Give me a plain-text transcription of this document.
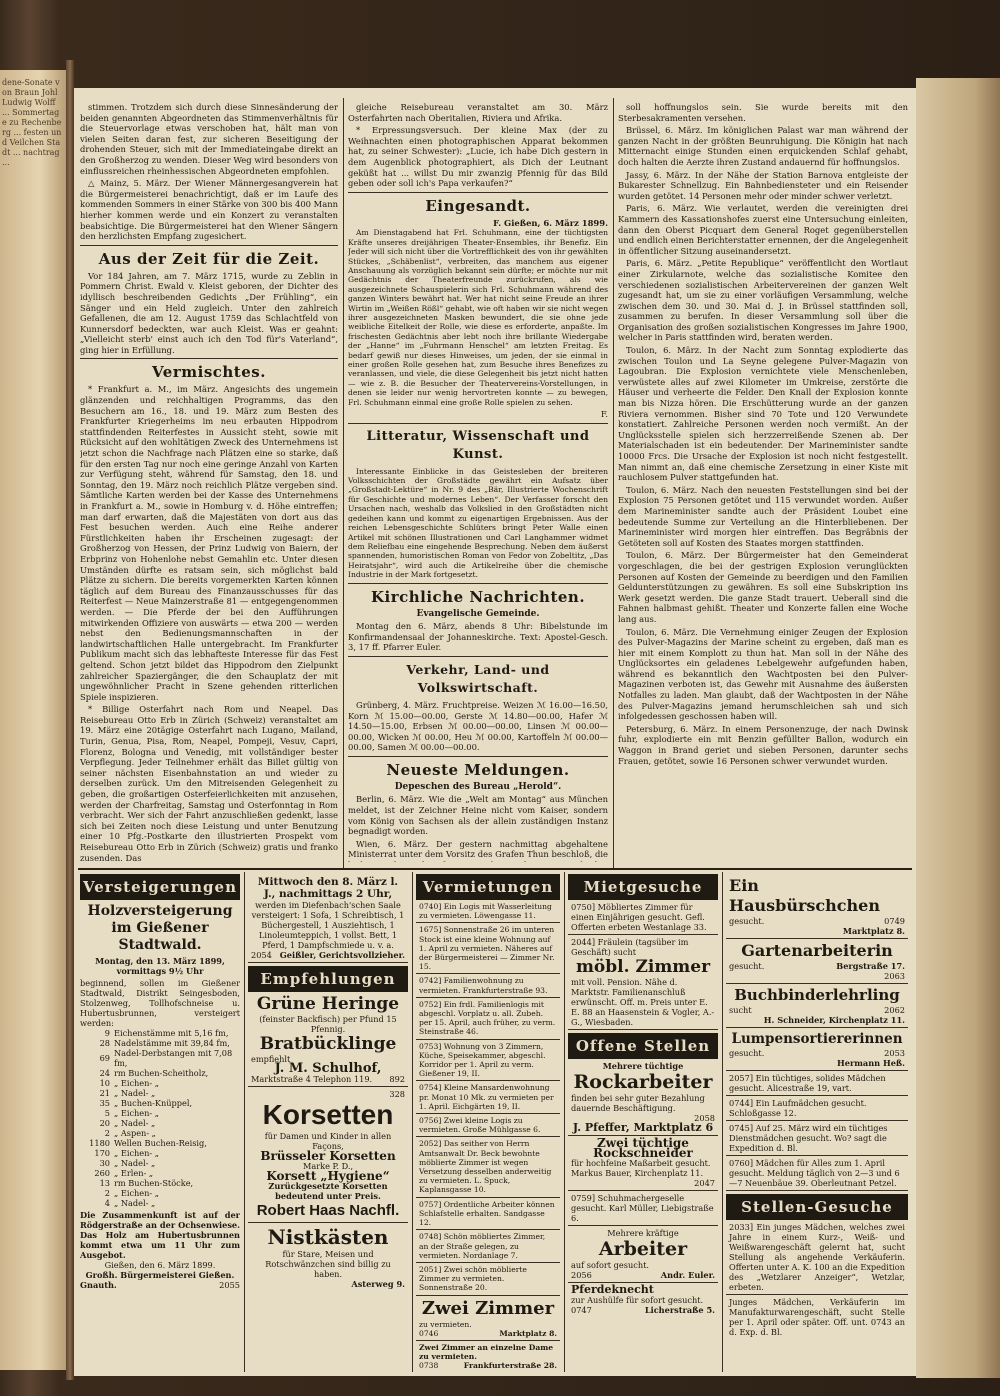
dene-Sonate von Braun Johl Ludwig Wolff ... Sommertage zu Rechenberg ... festen und Veilchen Stadt ... nachtrag ...

stimmen. Trotzdem sich durch diese Sinnesänderung der beiden genannten Abgeordneten das Stimmenverhältnis für die Steuervorlage etwas verschoben hat, hält man von vielen Seiten daran fest, zur sicheren Beseitigung der drohenden Steuer, sich mit der Immediateingabe direkt an den Großherzog zu wenden. Dieser Weg wird besonders von einflussreichen rheinhessischen Abgeordneten empfohlen.

△ Mainz, 5. März. Der Wiener Männergesangverein hat die Bürgermeisterei benachrichtigt, daß er im Laufe des kommenden Sommers in einer Stärke von 300 bis 400 Mann hierher kommen werde und ein Konzert zu veranstalten beabsichtige. Die Bürgermeisterei hat den Wiener Sängern den herzlichsten Empfang zugesichert.

Aus der Zeit für die Zeit.

Vor 184 Jahren, am 7. März 1715, wurde zu Zeblin in Pommern Christ. Ewald v. Kleist geboren, der Dichter des idyllisch beschreibenden Gedichts „Der Frühling“, ein Sänger und ein Held zugleich. Unter den zahlreich Gefallenen, die am 12. August 1759 das Schlachtfeld von Kunnersdorf bedeckten, war auch Kleist. Was er geahnt: „Vielleicht sterb' einst auch ich den Tod für's Vaterland“, ging hier in Erfüllung.

Vermischtes.

* Frankfurt a. M., im März. Angesichts des ungemein glänzenden und reichhaltigen Programms, das den Besuchern am 16., 18. und 19. März zum Besten des Frankfurter Kriegerheims im neu erbauten Hippodrom stattfindenden Reiterfestes in Aussicht steht, sowie mit Rücksicht auf den wohltätigen Zweck des Unternehmens ist jetzt schon die Nachfrage nach Plätzen eine so starke, daß für den ersten Tag nur noch eine geringe Anzahl von Karten zur Verfügung steht, während für Samstag, den 18. und Sonntag, den 19. März noch reichlich Plätze vergeben sind. Sämtliche Karten werden bei der Kasse des Unternehmens in Frankfurt a. M., sowie in Homburg v. d. Höhe eintreffen; man darf erwarten, daß die Majestäten von dort aus das Fest besuchen werden. Auch eine Reihe anderer Fürstlichkeiten haben ihr Erscheinen zugesagt: der Großherzog von Hessen, der Prinz Ludwig von Baiern, der Erbprinz von Hohenlohe nebst Gemahlin etc. Unter diesen Umständen dürfte es ratsam sein, sich möglichst bald Plätze zu sichern. Die bereits vorgemerkten Karten können täglich auf dem Bureau des Finanzausschusses für das Reiterfest — Neue Mainzerstraße 81 — entgegengenommen werden. — Die Pferde der bei den Aufführungen mitwirkenden Offiziere von auswärts — etwa 200 — werden nebst den Bedienungsmannschaften in der landwirtschaftlichen Halle untergebracht. Im Frankfurter Publikum macht sich das lebhafteste Interesse für das Fest geltend. Schon jetzt bildet das Hippodrom den Zielpunkt zahlreicher Spaziergänger, die den Schauplatz der mit ungewöhnlicher Pracht in Szene gehenden ritterlichen Spiele inspizieren.

* Billige Osterfahrt nach Rom und Neapel. Das Reisebureau Otto Erb in Zürich (Schweiz) veranstaltet am 19. März eine 20tägige Osterfahrt nach Lugano, Mailand, Turin, Genua, Pisa, Rom, Neapel, Pompeji, Vesuv, Capri, Florenz, Bologna und Venedig, mit vollständiger bester Verpflegung. Jeder Teilnehmer erhält das Billet gültig von seiner nächsten Eisenbahnstation an und wieder zu derselben zurück. Um den Mitreisenden Gelegenheit zu geben, die großartigen Osterfeierlichkeiten mit anzusehen, werden der Charfreitag, Samstag und Osterfonntag in Rom verbracht. Wer sich der Fahrt anzuschließen gedenkt, lasse sich bei Zeiten noch diese Leistung und unter Benutzung einer 10 Pfg.-Postkarte den illustrierten Prospekt vom Reisebureau Otto Erb in Zürich (Schweiz) gratis und franko zusenden. Das

gleiche Reisebureau veranstaltet am 30. März Osterfahrten nach Oberitalien, Riviera und Afrika.

* Erpressungsversuch. Der kleine Max (der zu Weihnachten einen photographischen Apparat bekommen hat, zu seiner Schwester): „Lucie, ich habe Dich gestern in dem Augenblick photographiert, als Dich der Leutnant geküßt hat ... willst Du mir zwanzig Pfennig für das Bild geben oder soll ich's Papa verkaufen?“

Eingesandt.
F. Gießen, 6. März 1899.

Am Dienstagabend hat Frl. Schuhmann, eine der tüchtigsten Kräfte unseres dreijährigen Theater-Ensembles, ihr Benefiz. Ein Jeder will sich nicht über die Vortrefflichkeit des von ihr gewählten Stückes, „Schäbenlist“, verbreiten, das manchem aus eigener Anschauung als vorzüglich bekannt sein dürfte; er möchte nur mit Gedächtnis der Theaterfreunde zurückrufen, als wie ausgezeichnete Schauspielerin sich Frl. Schuhmann während des ganzen Winters bewährt hat. Wer hat nicht seine Freude an ihrer Wirtin im „Weißen Rößl“ gehabt, wie oft haben wir sie nicht wegen ihrer ausgezeichneten Masken bewundert, die sie ohne jede weibliche Eitelkeit der Rolle, wie diese es erforderte, anpaßte. Im frischesten Gedächtnis aber lebt noch ihre brillante Wiedergabe der „Hanne“ im „Fuhrmann Henschel“ am letzten Freitag. Es bedarf gewiß nur dieses Hinweises, um jeden, der sie einmal in einer großen Rolle gesehen hat, zum Besuche ihres Benefizes zu veranlassen, und viele, die diese Gelegenheit bis jetzt nicht hatten — wie z. B. die Besucher der Theatervereins-Vorstellungen, in denen sie leider nur wenig hervortreten konnte — zu bewegen, Frl. Schuhmann einmal eine große Rolle spielen zu sehen.

F.
Litteratur, Wissenschaft und Kunst.

Interessante Einblicke in das Geistesleben der breiteren Volksschichten der Großstädte gewährt ein Aufsatz über „Großstadt-Lektüre“ in Nr. 9 des „Bär, Illustrierte Wochenschrift für Geschichte und modernes Leben“. Der Verfasser forscht den Ursachen nach, weshalb das Volkslied in den Großstädten nicht gedeihen kann und kommt zu eigenartigen Ergebnissen. Aus der reichen Lebensgeschichte Schlüters bringt Peter Walle einen Artikel mit schönen Illustrationen und Carl Langhammer widmet dem Reliefbau eine eingehende Besprechung. Neben dem äußerst spannenden, humoristischen Roman von Fedor von Zobeltitz, „Das Heiratsjahr“, wird auch die Artikelreihe über die chemische Industrie in der Mark fortgesetzt.

Kirchliche Nachrichten.
Evangelische Gemeinde.

Montag den 6. März, abends 8 Uhr: Bibelstunde im Konfirmandensaal der Johanneskirche. Text: Apostel-Gesch. 3, 17 ff. Pfarrer Euler.

Verkehr, Land- und Volkswirtschaft.

Grünberg, 4. März. Fruchtpreise. Weizen ℳ 16.00—16.50, Korn ℳ 15.00—00.00, Gerste ℳ 14.80—00.00, Hafer ℳ 14.50—15.00, Erbsen ℳ 00.00—00.00, Linsen ℳ 00.00—00.00, Wicken ℳ 00.00, Heu ℳ 00.00, Kartoffeln ℳ 00.00—00.00, Samen ℳ 00.00—00.00.

Neueste Meldungen.
Depeschen des Bureau „Herold“.

Berlin, 6. März. Wie die „Welt am Montag“ aus München meldet, ist der Zeichner Heine nicht vom Kaiser, sondern vom König von Sachsen als der allein zuständigen Instanz begnadigt worden.

Wien, 6. März. Der gestern nachmittag abgehaltene Ministerrat unter dem Vorsitz des Grafen Thun beschloß, die

soll hoffnungslos sein. Sie wurde bereits mit den Sterbesakramenten versehen.

Brüssel, 6. März. Im königlichen Palast war man während der ganzen Nacht in der größten Beunruhigung. Die Königin hat nach Mitternacht einige Stunden einen erquickenden Schlaf gehabt, doch halten die Aerzte ihren Zustand andauernd für hoffnungslos.

Jassy, 6. März. In der Nähe der Station Barnova entgleiste der Bukarester Schnellzug. Ein Bahnbediensteter und ein Reisender wurden getötet. 14 Personen mehr oder minder schwer verletzt.

Paris, 6. März. Wie verlautet, werden die vereinigten drei Kammern des Kassationshofes zuerst eine Untersuchung einleiten, dann den Oberst Picquart dem General Roget gegenüberstellen und endlich einen Berichterstatter ernennen, der die Angelegenheit in öffentlicher Sitzung auseinandersetzt.

Paris, 6. März. „Petite Republique“ veröffentlicht den Wortlaut einer Zirkularnote, welche das sozialistische Komitee den verschiedenen sozialistischen Arbeitervereinen der ganzen Welt zugesandt hat, um sie zu einer vorläufigen Versammlung, welche zwischen dem 30. und 30. Mai d. J. in Brüssel stattfinden soll, zusammen zu berufen. In dieser Versammlung soll über die Organisation des großen sozialistischen Kongresses im Jahre 1900, welcher in Paris stattfinden wird, beraten werden.

Toulon, 6. März. In der Nacht zum Sonntag explodierte das zwischen Toulon und La Seyne gelegene Pulver-Magazin von Lagoubran. Die Explosion vernichtete viele Menschenleben, verwüstete alles auf zwei Kilometer im Umkreise, zerstörte die Häuser und verheerte die Felder. Den Knall der Explosion konnte man bis Nizza hören. Die Erschütterung wurde an der ganzen Riviera vernommen. Bisher sind 70 Tote und 120 Verwundete konstatiert. Zahlreiche Personen werden noch vermißt. An der Unglücksstelle spielen sich herzzerreißende Szenen ab. Der Materialschaden ist ein bedeutender. Der Marineminister sandte 10000 Frcs. Die Ursache der Explosion ist noch nicht festgestellt. Man nimmt an, daß eine chemische Zersetzung in einer Kiste mit rauchlosem Pulver stattgefunden hat.

Toulon, 6. März. Nach den neuesten Feststellungen sind bei der Explosion 75 Personen getötet und 115 verwundet worden. Außer dem Marineminister sandte auch der Präsident Loubet eine bedeutende Summe zur Verteilung an die Hinterbliebenen. Der Marineminister wird morgen hier eintreffen. Das Begräbnis der Getöteten soll auf Kosten des Staates morgen stattfinden.

Toulon, 6. März. Der Bürgermeister hat den Gemeinderat vorgeschlagen, die bei der gestrigen Explosion verunglückten Personen auf Kosten der Gemeinde zu beerdigen und den Familien Geldunterstützungen zu gewähren. Es soll eine Subskription ins Werk gesetzt werden. Die ganze Stadt trauert. Ueberall sind die Fahnen halbmast gehißt. Theater und Konzerte fallen eine Woche lang aus.

Toulon, 6. März. Die Vernehmung einiger Zeugen der Explosion des Pulver-Magazins der Marine scheint zu ergeben, daß man es hier mit einem Komplott zu thun hat. Man soll in der Nähe des Unglücksortes ein geladenes Lebelgewehr aufgefunden haben, während es bekanntlich den Wachtposten bei den Pulver-Magazinen verboten ist, das Gewehr mit Ausnahme des äußersten Notfalles zu laden. Man glaubt, daß der Wachtposten in der Nähe des Pulver-Magazins jemand herumschleichen sah und sich infolgedessen geschossen haben will.

Petersburg, 6. März. In einem Personenzuge, der nach Dwinsk fuhr, explodierte ein mit Benzin gefüllter Ballon, wodurch ein Waggon in Brand geriet und sieben Personen, darunter sechs Frauen, getötet, sowie 16 Personen schwer verwundet wurden.

Versteigerungen
Holzversteigerung im Gießener Stadtwald.
Montag, den 13. März 1899, vormittags 9½ Uhr
beginnend, sollen im Gießener Stadtwald, Distrikt Seingesboden, Stolzenweg, Tollhofschneise u. Hubertusbrunnen, versteigert werden:
9	Eichenstämme mit 5,16 fm,
28	Nadelstämme mit 39,84 fm,
69	Nadel-Derbstangen mit 7,08 fm,
24	rm Buchen-Scheitholz,
10	„ Eichen- „
21	„ Nadel- „
35	„ Buchen-Knüppel,
5	„ Eichen- „
20	„ Nadel- „
2	„ Aspen- „
1180	Wellen Buchen-Reisig,
170	„ Eichen- „
30	„ Nadel- „
260	„ Erlen- „
13	rm Buchen-Stöcke,
2	„ Eichen- „
4	„ Nadel- „
Die Zusammenkunft ist auf der Rödgerstraße an der Ochsenwiese. Das Holz am Hubertusbrunnen kommt etwa um 11 Uhr zum Ausgebot.
Gießen, den 6. März 1899.
Großh. Bürgermeisterei Gießen.
Gnauth.	2055
Mittwoch den 8. März l. J., nachmittags 2 Uhr,
werden im Diefenbach'schen Saale versteigert: 1 Sofa, 1 Schreibtisch, 1 Büchergestell, 1 Ausziehtisch, 1 Linoleumteppich, 1 vollst. Bett, 1 Pferd, 1 Dampfschmiede u. v. a.
2054 Geißler, Gerichtsvollzieher.
Empfehlungen
Grüne Heringe
(feinster Backfisch) per Pfund 15 Pfennig.
Bratbücklinge
empfiehlt
J. M. Schulhof,
Marktstraße 4 Telephon 119. 892
328
Korsetten
für Damen und Kinder in allen Façons,
Brüsseler Korsetten
Marke P. D.,
Korsett „Hygiene“
Zurückgesetzte Korsetten bedeutend unter Preis.
Robert Haas Nachfl.
Nistkästen
für Stare, Meisen und Rotschwänzchen sind billig zu haben.
Asterweg 9.
Vermietungen
0740] Ein Logis mit Wasserleitung zu vermieten. Löwengasse 11.
1675] Sonnenstraße 26 im unteren Stock ist eine kleine Wohnung auf 1. April zu vermieten. Näheres auf der Bürgermeisterei — Zimmer Nr. 15.
0742] Familienwohnung zu vermieten. Frankfurterstraße 93.
0752] Ein frdl. Familienlogis mit abgeschl. Vorplatz u. all. Zubeh. per 15. April, auch früher, zu verm. Steinstraße 46.
0753] Wohnung von 3 Zimmern, Küche, Speisekammer, abgeschl. Korridor per 1. April zu verm. Gießener 19, II.
0754] Kleine Mansardenwohnung pr. Monat 10 Mk. zu vermieten per 1. April. Eichgärten 19, II.
0756] Zwei kleine Logis zu vermieten. Große Mühlgasse 6.
2052] Das seither von Herrn Amtsanwalt Dr. Beck bewohnte möblierte Zimmer ist wegen Versetzung desselben anderweitig zu vermieten. L. Spuck, Kaplansgasse 10.
0757] Ordentliche Arbeiter können Schlafstelle erhalten. Sandgasse 12.
0748] Schön möbliertes Zimmer, an der Straße gelegen, zu vermieten. Nordanlage 7.
2051] Zwei schön möblierte Zimmer zu vermieten. Sonnenstraße 20.
Zwei Zimmer
zu vermieten.
0746	Marktplatz 8.
Zwei Zimmer an einzelne Dame zu vermieten.
0738	Frankfurterstraße 28.
Mietgesuche
0750] Möbliertes Zimmer für einen Einjährigen gesucht. Gefl. Offerten erbeten Westanlage 33.
2044] Fräulein (tagsüber im Geschäft) sucht
möbl. Zimmer
mit voll. Pension. Nähe d. Marktstr. Familienanschluß erwünscht. Off. m. Preis unter E. E. 88 an Haasenstein & Vogler, A.-G., Wiesbaden.
Offene Stellen
Mehrere tüchtige
Rockarbeiter
finden bei sehr guter Bezahlung dauernde Beschäftigung.
2058
J. Pfeffer, Marktplatz 6
Zwei tüchtige Rockschneider
für hochfeine Maßarbeit gesucht. Markus Bauer, Kirchenplatz 11.
2047
0759] Schuhmachergeselle gesucht. Karl Müller, Liebigstraße 6.
Mehrere kräftige
Arbeiter
auf sofort gesucht.
2056	Andr. Euler.
Pferdeknecht
zur Aushülfe für sofort gesucht.
0747	Licherstraße 5.
Ein Hausbürschchen
gesucht.	0749
Marktplatz 8.
Gartenarbeiterin
gesucht.	Bergstraße 17.
2063
Buchbinderlehrling
sucht	2062
H. Schneider, Kirchenplatz 11.
Lumpensortiererinnen
gesucht.	2053
Hermann Heß.
2057] Ein tüchtiges, solides Mädchen gesucht. Alicestraße 19, vart.
0744] Ein Laufmädchen gesucht. Schloßgasse 12.
0745] Auf 25. März wird ein tüchtiges Dienstmädchen gesucht. Wo? sagt die Expedition d. Bl.
0760] Mädchen für Alles zum 1. April gesucht. Meldung täglich von 2—3 und 6—7 Neuenbäue 39. Oberleutnant Petzel.
Stellen-Gesuche
2033] Ein junges Mädchen, welches zwei Jahre in einem Kurz-, Weiß- und Weißwarengeschäft gelernt hat, sucht Stellung als angehende Verkäuferin. Offerten unter A. K. 100 an die Expedition des „Wetzlarer Anzeiger“, Wetzlar, erbeten.
Junges Mädchen, Verkäuferin im Manufakturwarengeschäft, sucht Stelle per 1. April oder später. Off. unt. 0743 an d. Exp. d. Bl.
